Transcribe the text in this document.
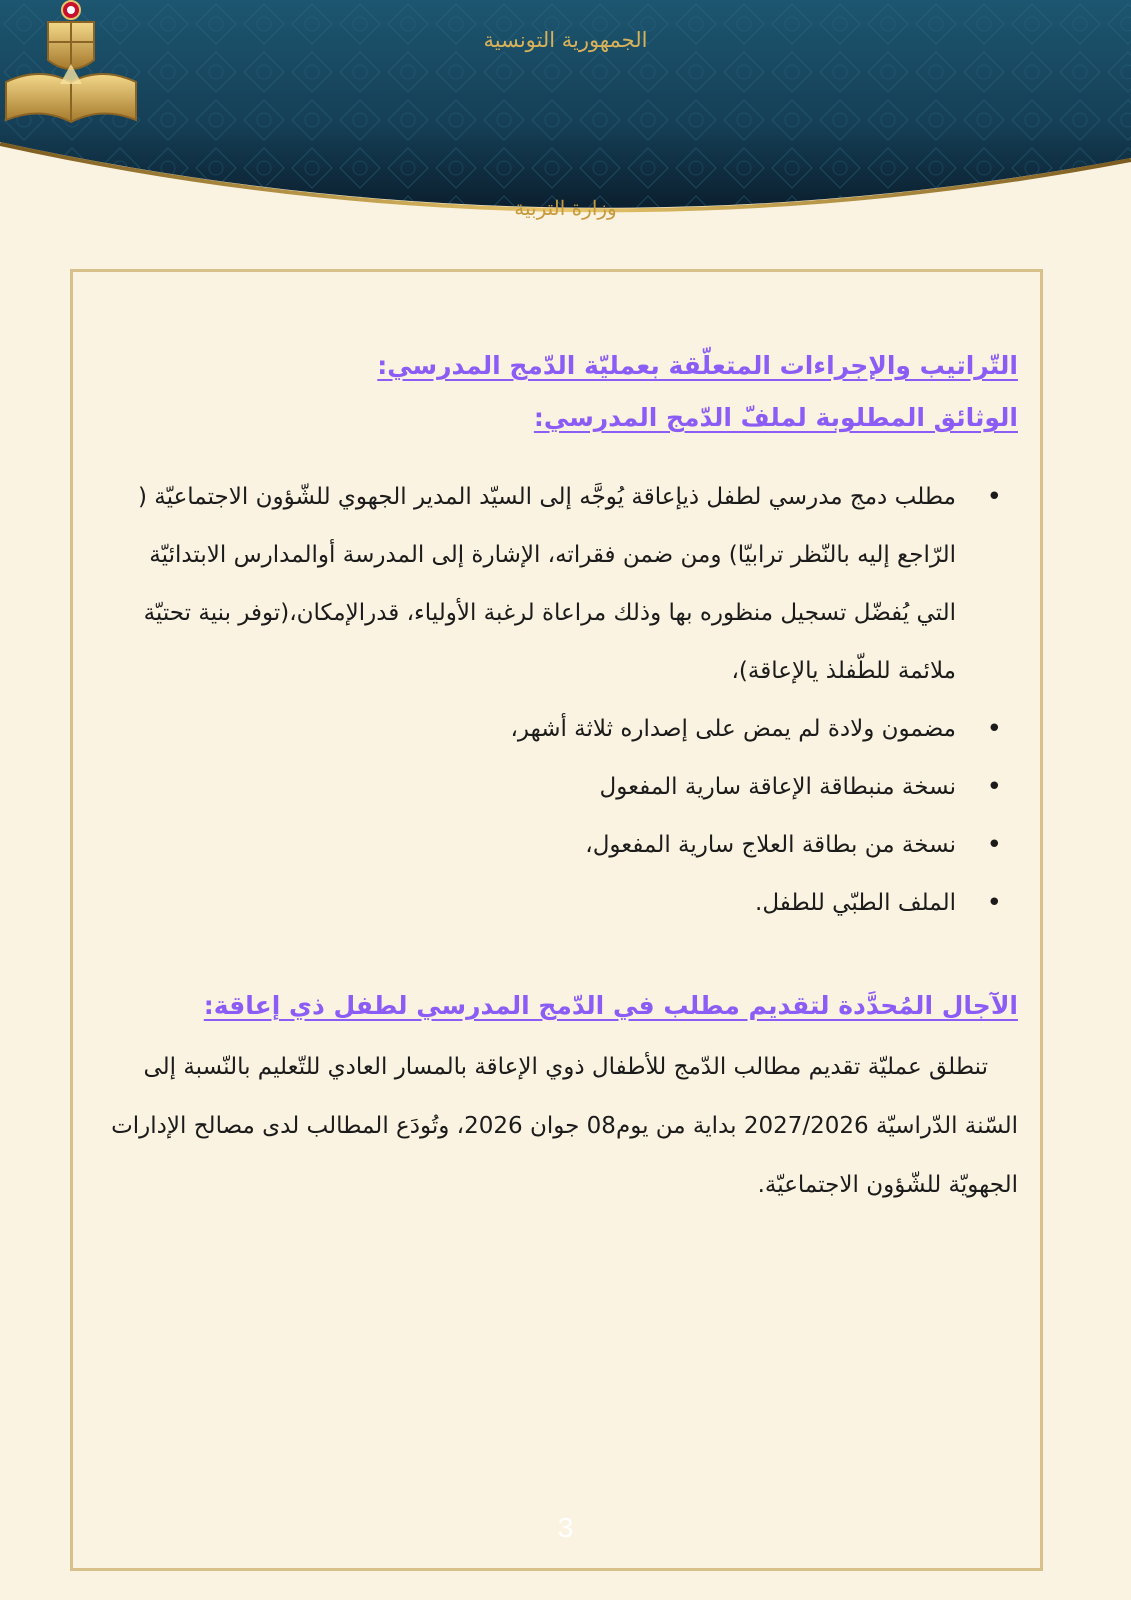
الجمهورية التونسية
وزارة التربية

التّراتيب والإجراءات المتعلّقة بعمليّة الدّمج المدرسي:

الوثائق المطلوبة لملفّ الدّمج المدرسي:

• مطلب دمج مدرسي لطفل ذيإعاقة يُوجَّه إلى السيّد المدير الجهوي للشّؤون الاجتماعيّة ( الرّاجع إليه بالنّظر ترابيّا) ومن ضمن فقراته، الإشارة إلى المدرسة أوالمدارس الابتدائيّة التي يُفضّل تسجيل منظوره بها وذلك مراعاة لرغبة الأولياء، قدرالإمكان،(توفر بنية تحتيّة ملائمة للطّفلذ يالإعاقة)،
• مضمون ولادة لم يمض على إصداره ثلاثة أشهر،
• نسخة منبطاقة الإعاقة سارية المفعول
• نسخة من بطاقة العلاج سارية المفعول،
• الملف الطبّي للطفل.

الآجال المُحدَّدة لتقديم مطلب في الدّمج المدرسي لطفل ذي إعاقة:

تنطلق عمليّة تقديم مطالب الدّمج للأطفال ذوي الإعاقة بالمسار العادي للتّعليم بالنّسبة إلى السّنة الدّراسيّة 2027/2026 بداية من يوم08 جوان 2026، وتُودَع المطالب لدى مصالح الإدارات الجهويّة للشّؤون الاجتماعيّة.

3
